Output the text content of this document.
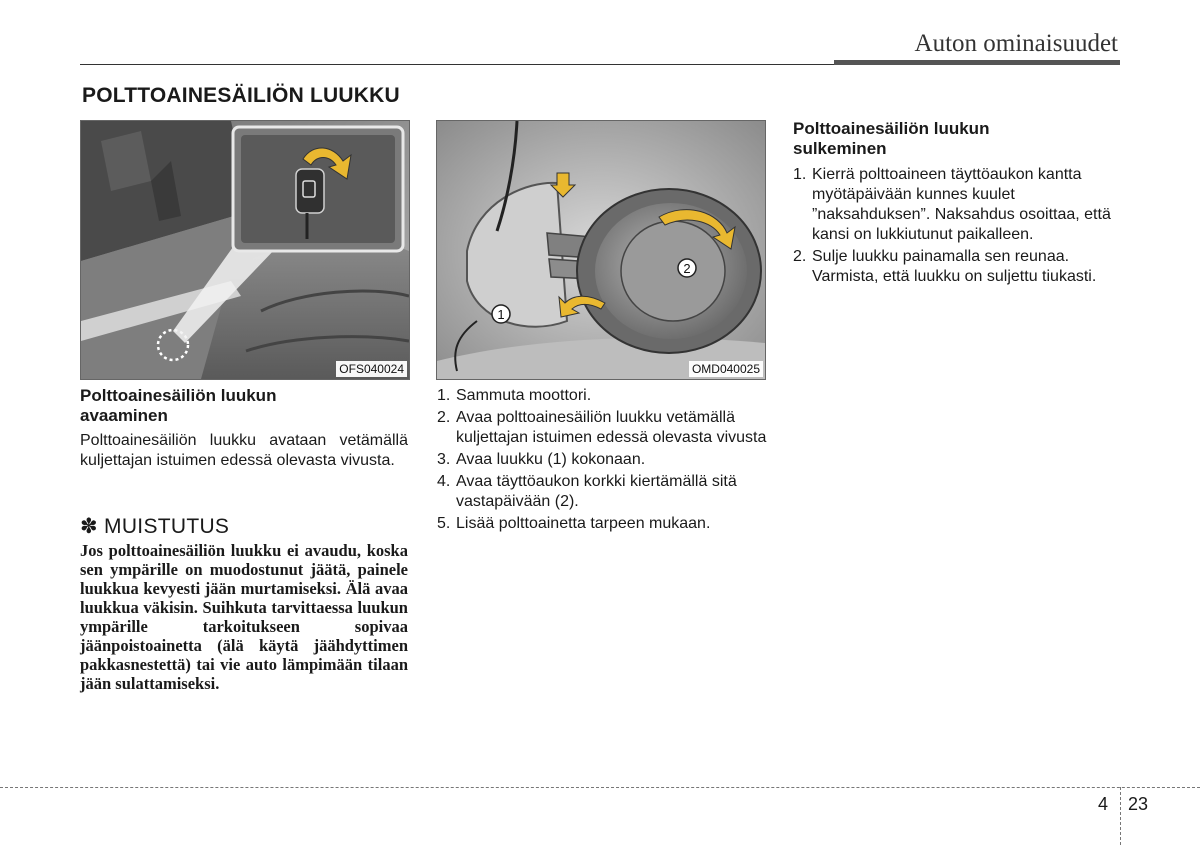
Auton ominaisuudet
POLTTOAINESÄILIÖN LUUKKU
OFS040024
1
2
OMD040025
Polttoainesäiliön luukun
avaaminen
Polttoainesäiliön luukku avataan vetämällä kuljettajan istuimen edessä olevasta vivusta.
✽ MUISTUTUS
Jos polttoainesäiliön luukku ei avaudu, koska sen ympärille on muodostunut jäätä, painele luukkua kevyesti jään murtamiseksi. Älä avaa luukkua väkisin. Suihkuta tarvittaessa luukun ympärille tarkoitukseen sopivaa jäänpoistoainetta (älä käytä jäähdyttimen pakkasnestettä) tai vie auto lämpimään tilaan jään sulattamiseksi.
1. Sammuta moottori.
2. Avaa polttoainesäiliön luukku vetämällä kuljettajan istuimen edessä olevasta vivusta
3. Avaa luukku (1) kokonaan.
4. Avaa täyttöaukon korkki kiertämällä sitä vastapäivään (2).
5. Lisää polttoainetta tarpeen mukaan.
Polttoainesäiliön luukun
sulkeminen
1. Kierrä polttoaineen täyttöaukon kantta myötäpäivään kunnes kuulet ”naksahduksen”. Naksahdus osoittaa, että kansi on lukkiutunut paikalleen.
2. Sulje luukku painamalla sen reunaa. Varmista, että luukku on suljettu tiukasti.
4 23
